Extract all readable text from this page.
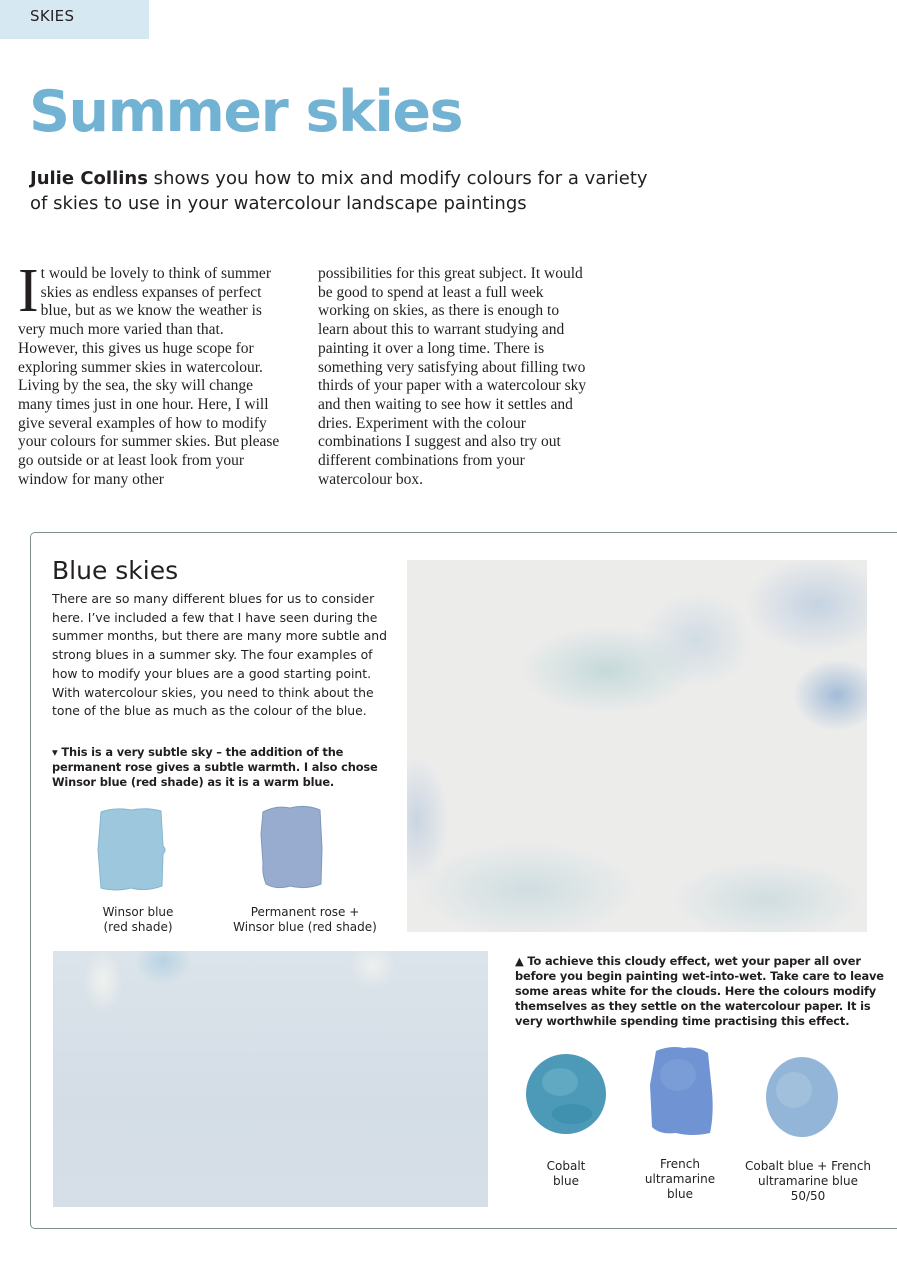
SKIES
Summer skies

Julie Collins shows you how to mix and modify colours for a variety of skies to use in your watercolour landscape paintings

It would be lovely to think of summer skies as endless expanses of perfect blue, but as we know the weather is very much more varied than that. However, this gives us huge scope for exploring summer skies in watercolour. Living by the sea, the sky will change many times just in one hour. Here, I will give several examples of how to modify your colours for summer skies. But please go outside or at least look from your window for many other
possibilities for this great subject. It would be good to spend at least a full week working on skies, as there is enough to learn about this to warrant studying and painting it over a long time. There is something very satisfying about filling two thirds of your paper with a watercolour sky and then waiting to see how it settles and dries. Experiment with the colour combinations I suggest and also try out different combinations from your watercolour box.
Blue skies

There are so many different blues for us to consider here. I’ve included a few that I have seen during the summer months, but there are many more subtle and strong blues in a summer sky. The four examples of how to modify your blues are a good starting point. With watercolour skies, you need to think about the tone of the blue as much as the colour of the blue.

▾ This is a very subtle sky – the addition of the permanent rose gives a subtle warmth. I also chose Winsor blue (red shade) as it is a warm blue.

Winsor blue
(red shade)

Permanent rose +
Winsor blue (red shade)

▲ To achieve this cloudy effect, wet your paper all over before you begin painting wet-into-wet. Take care to leave some areas white for the clouds. Here the colours modify themselves as they settle on the watercolour paper. It is very worthwhile spending time practising this effect.

Cobalt
blue

French
ultramarine
blue

Cobalt blue + French
ultramarine blue
50/50
